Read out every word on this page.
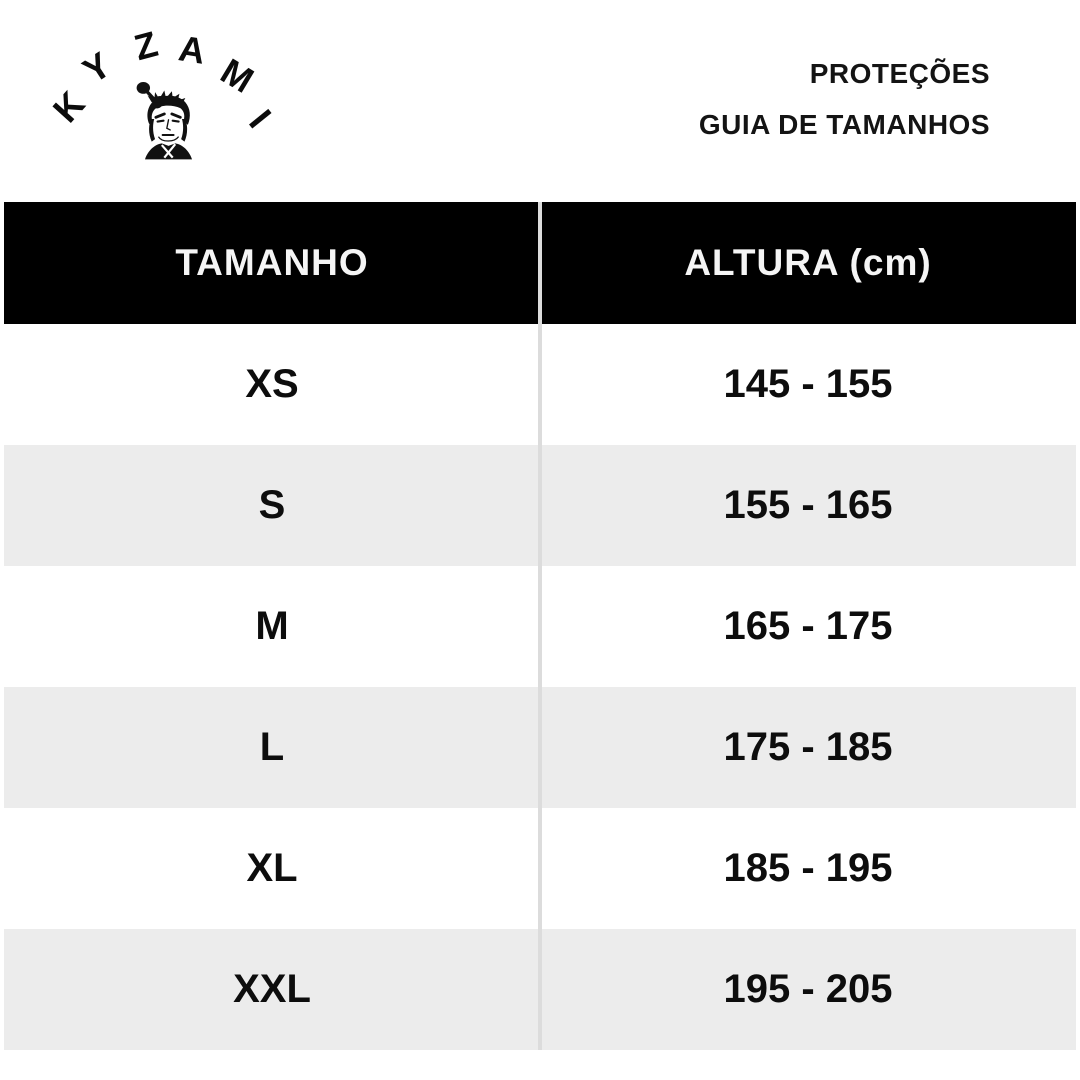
K
Y Z A
M
I
PROTEÇÕES
GUIA DE TAMANHOS
TAMANHO	ALTURA (cm)
XS	145 - 155
S	155 - 165
M	165 - 175
L	175 - 185
XL	185 - 195
XXL	195 - 205
